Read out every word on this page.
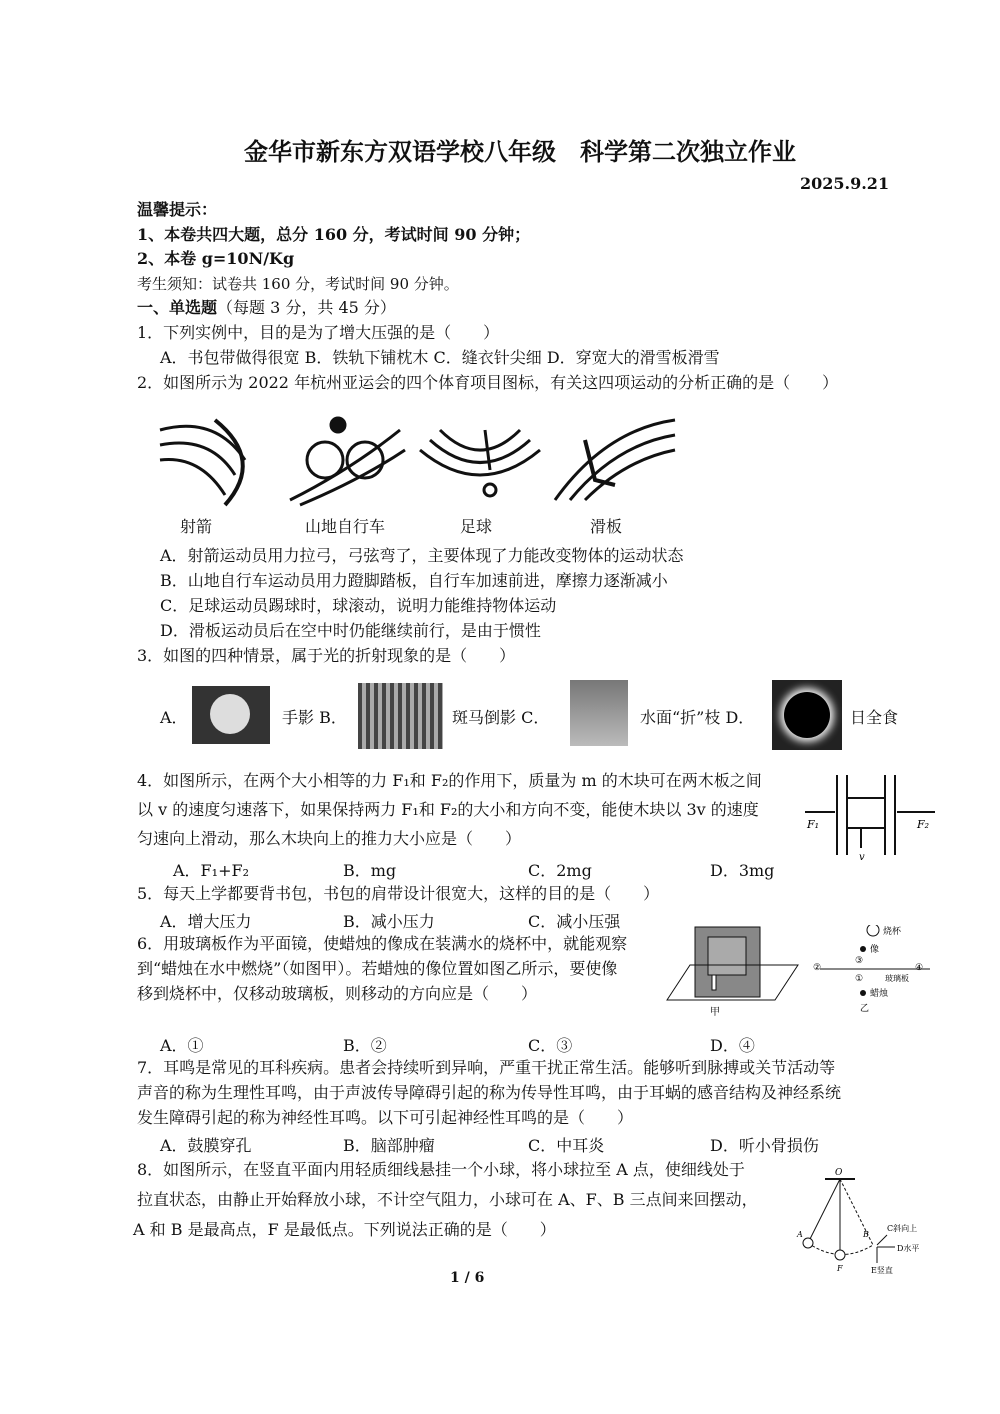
金华市新东方双语学校八年级　科学第二次独立作业
2025.9.21
温馨提示：
1、本卷共四大题，总分 160 分，考试时间 90 分钟；
2、本卷 g=10N/Kg
考生须知：试卷共 160 分，考试时间 90 分钟。
一、单选题（每题 3 分，共 45 分）
1．下列实例中，目的是为了增大压强的是（　　）
A．书包带做得很宽 B．铁轨下铺枕木 C．缝衣针尖细 D．穿宽大的滑雪板滑雪
2．如图所示为 2022 年杭州亚运会的四个体育项目图标，有关这四项运动的分析正确的是（　　）
射箭	山地自行车	足球	滑板
A．射箭运动员用力拉弓，弓弦弯了，主要体现了力能改变物体的运动状态
B．山地自行车运动员用力蹬脚踏板，自行车加速前进，摩擦力逐渐减小
C．足球运动员踢球时，球滚动，说明力能维持物体运动
D．滑板运动员后在空中时仍能继续前行，是由于惯性
3．如图的四种情景，属于光的折射现象的是（　　）
A．	手影 B．	斑马倒影 C．	水面“折”枝 D．	日全食
4．如图所示，在两个大小相等的力 F₁和 F₂的作用下，质量为 m 的木块可在两木板之间
以 v 的速度匀速落下，如果保持两力 F₁和 F₂的大小和方向不变，能使木块以 3v 的速度
匀速向上滑动，那么木块向上的推力大小应是（　　）
F₁	F₂
v
A．F₁+F₂	B．mg	C．2mg	D．3mg
5．每天上学都要背书包，书包的肩带设计很宽大，这样的目的是（　　）
A．增大压力	B．减小压力	C．减小压强
6．用玻璃板作为平面镜，使蜡烛的像成在装满水的烧杯中，就能观察
到“蜡烛在水中燃烧”（如图甲）。若蜡烛的像位置如图乙所示，要使像
移到烧杯中，仅移动玻璃板，则移动的方向应是（　　）
甲
烧杯
像
②	④
③
①	玻璃板
蜡烛
乙
A．①	B．②	C．③	D．④
7．耳鸣是常见的耳科疾病。患者会持续听到异响，严重干扰正常生活。能够听到脉搏或关节活动等
声音的称为生理性耳鸣，由于声波传导障碍引起的称为传导性耳鸣，由于耳蜗的感音结构及神经系统
发生障碍引起的称为神经性耳鸣。以下可引起神经性耳鸣的是（　　）
A．鼓膜穿孔	B．脑部肿瘤	C．中耳炎	D．听小骨损伤
8．如图所示，在竖直平面内用轻质细线悬挂一个小球，将小球拉至 A 点，使细线处于
拉直状态，由静止开始释放小球，不计空气阻力，小球可在 A、F、B 三点间来回摆动，
A 和 B 是最高点，F 是最低点。下列说法正确的是（　　）
O
A	B
F
C斜向上
D水平
E竖直
1 / 6
